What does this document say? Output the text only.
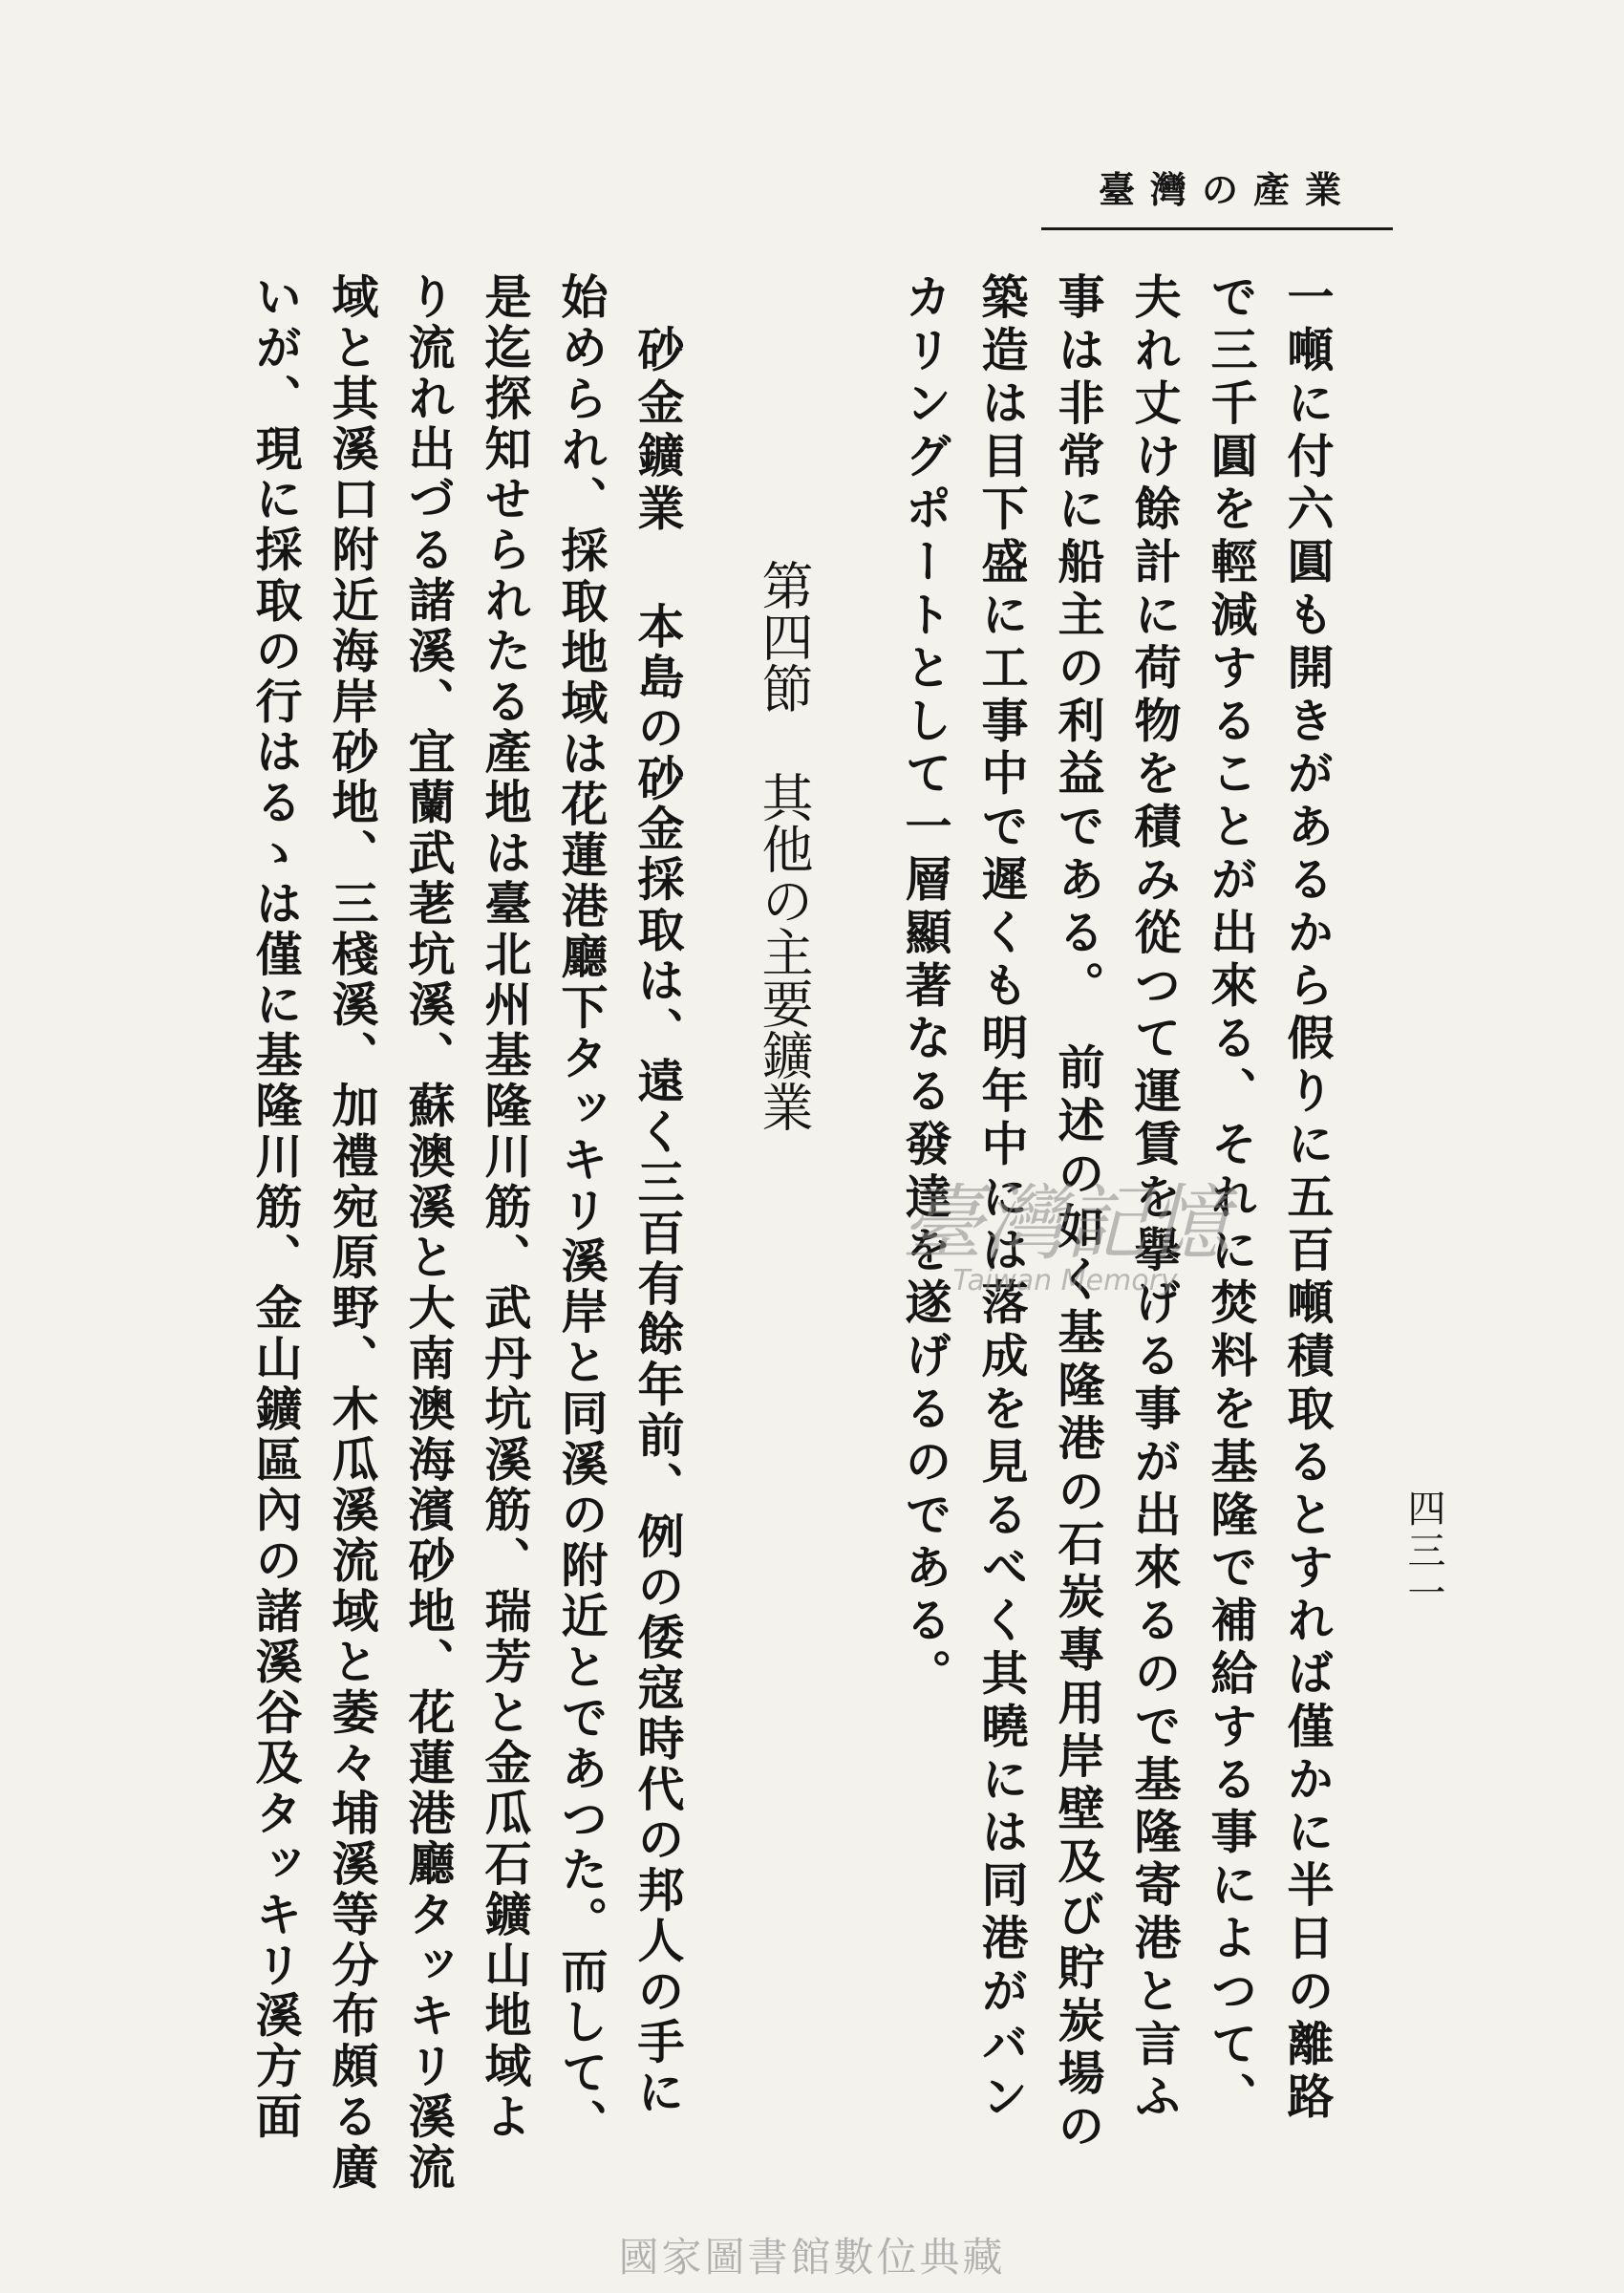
臺灣の產業
四三一
一噸に付六圓も開きがあるから假りに五百噸積取るとすれば僅かに半日の離路
で三千圓を輕減することが出來る、それに焚料を基隆で補給する事によつて、
夫れ丈け餘計に荷物を積み從つて運賃を擧げる事が出來るので基隆寄港と言ふ
事は非常に船主の利益である。　前述の如く基隆港の石炭專用岸壁及び貯炭場の
築造は目下盛に工事中で遲くも明年中には落成を見るべく其曉には同港がバン
カリングポートとして一層顯著なる發達を遂げるのである。
第四節其他の主要鑛業
砂金鑛業
本島の砂金採取は、遠く三百有餘年前、例の倭寇時代の邦人の手に
始められ、採取地域は花蓮港廳下タッキリ溪岸と同溪の附近とであつた。而して、
是迄探知せられたる產地は臺北州基隆川筋、武丹坑溪筋、瑞芳と金瓜石鑛山地域よ
り流れ出づる諸溪、宜蘭武荖坑溪、蘇澳溪と大南澳海濱砂地、花蓮港廳タッキリ溪流
域と其溪口附近海岸砂地、三棧溪、加禮宛原野、木瓜溪流域と萎々埔溪等分布頗る廣
いが、現に採取の行はるゝは僅に基隆川筋、金山鑛區內の諸溪谷及タッキリ溪方面	臺灣記憶
Taiwan Memory
國家圖書館數位典藏
